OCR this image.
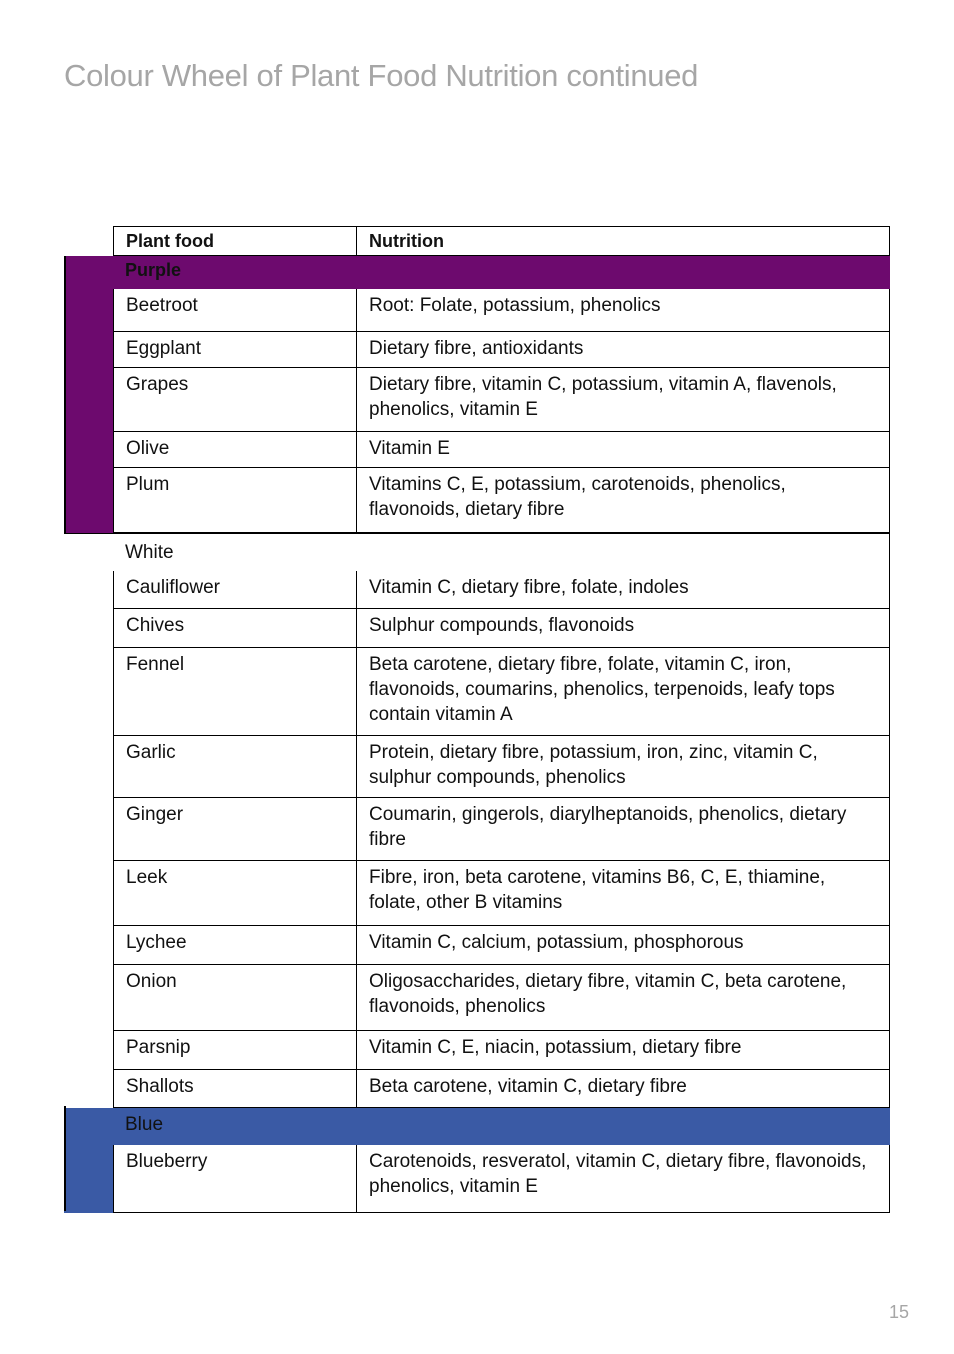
Colour Wheel of Plant Food Nutrition continued
Plant food	Nutrition
Purple
Beetroot	Root: Folate, potassium, phenolics
Eggplant	Dietary fibre, antioxidants
Grapes	Dietary fibre, vitamin C, potassium, vitamin A, flavenols, phenolics, vitamin E
Olive	Vitamin E
Plum	Vitamins C, E, potassium, carotenoids, phenolics, flavonoids, dietary fibre
White
Cauliflower	Vitamin C, dietary fibre, folate, indoles
Chives	Sulphur compounds, flavonoids
Fennel	Beta carotene, dietary fibre, folate, vitamin C, iron, flavonoids, coumarins, phenolics, terpenoids, leafy tops contain vitamin A
Garlic	Protein, dietary fibre, potassium, iron, zinc, vitamin C, sulphur compounds, phenolics
Ginger	Coumarin, gingerols, diarylheptanoids, phenolics, dietary fibre
Leek	Fibre, iron, beta carotene, vitamins B6, C, E, thiamine, folate, other B vitamins
Lychee	Vitamin C, calcium, potassium, phosphorous
Onion	Oligosaccharides, dietary fibre, vitamin C, beta carotene, flavonoids, phenolics
Parsnip	Vitamin C, E, niacin, potassium, dietary fibre
Shallots	Beta carotene, vitamin C, dietary fibre
Blue
Blueberry	Carotenoids, resveratol, vitamin C, dietary fibre, flavonoids, phenolics, vitamin E
15
